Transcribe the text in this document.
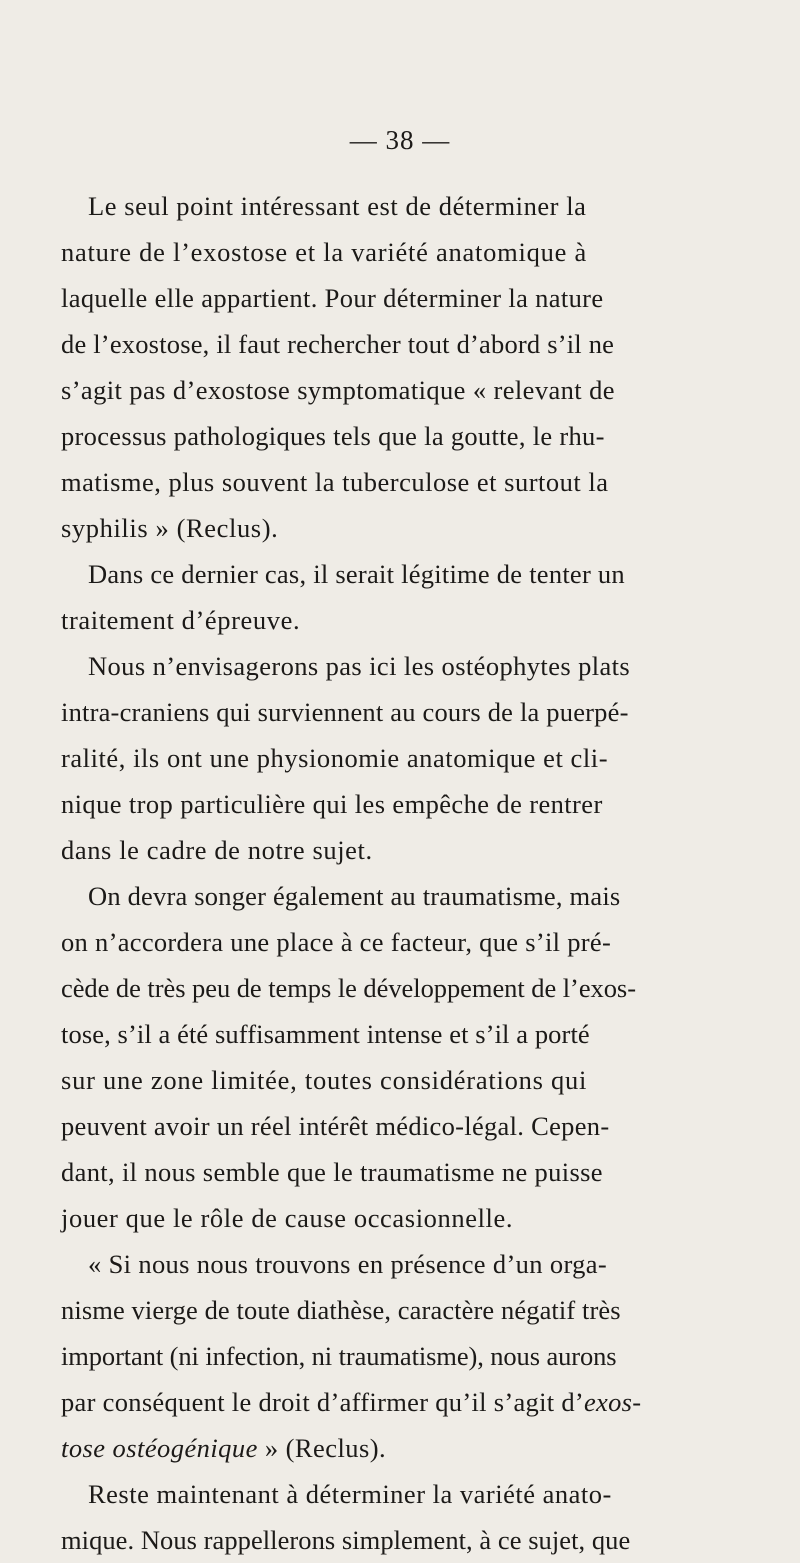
— 38 —
Le seul point intéressant est de déterminer la
nature de l’exostose et la variété anatomique à
laquelle elle appartient. Pour déterminer la nature
de l’exostose, il faut rechercher tout d’abord s’il ne
s’agit pas d’exostose symptomatique « relevant de
processus pathologiques tels que la goutte, le rhu-
matisme, plus souvent la tuberculose et surtout la
syphilis » (Reclus).
Dans ce dernier cas, il serait légitime de tenter un
traitement d’épreuve.
Nous n’envisagerons pas ici les ostéophytes plats
intra-craniens qui surviennent au cours de la puerpé-
ralité, ils ont une physionomie anatomique et cli-
nique trop particulière qui les empêche de rentrer
dans le cadre de notre sujet.
On devra songer également au traumatisme, mais
on n’accordera une place à ce facteur, que s’il pré-
cède de très peu de temps le développement de l’exos-
tose, s’il a été suffisamment intense et s’il a porté
sur une zone limitée, toutes considérations qui
peuvent avoir un réel intérêt médico-légal. Cepen-
dant, il nous semble que le traumatisme ne puisse
jouer que le rôle de cause occasionnelle.
« Si nous nous trouvons en présence d’un orga-
nisme vierge de toute diathèse, caractère négatif très
important (ni infection, ni traumatisme), nous aurons
par conséquent le droit d’affirmer qu’il s’agit d’exos-
tose ostéogénique » (Reclus).
Reste maintenant à déterminer la variété anato-
mique. Nous rappellerons simplement, à ce sujet, que
